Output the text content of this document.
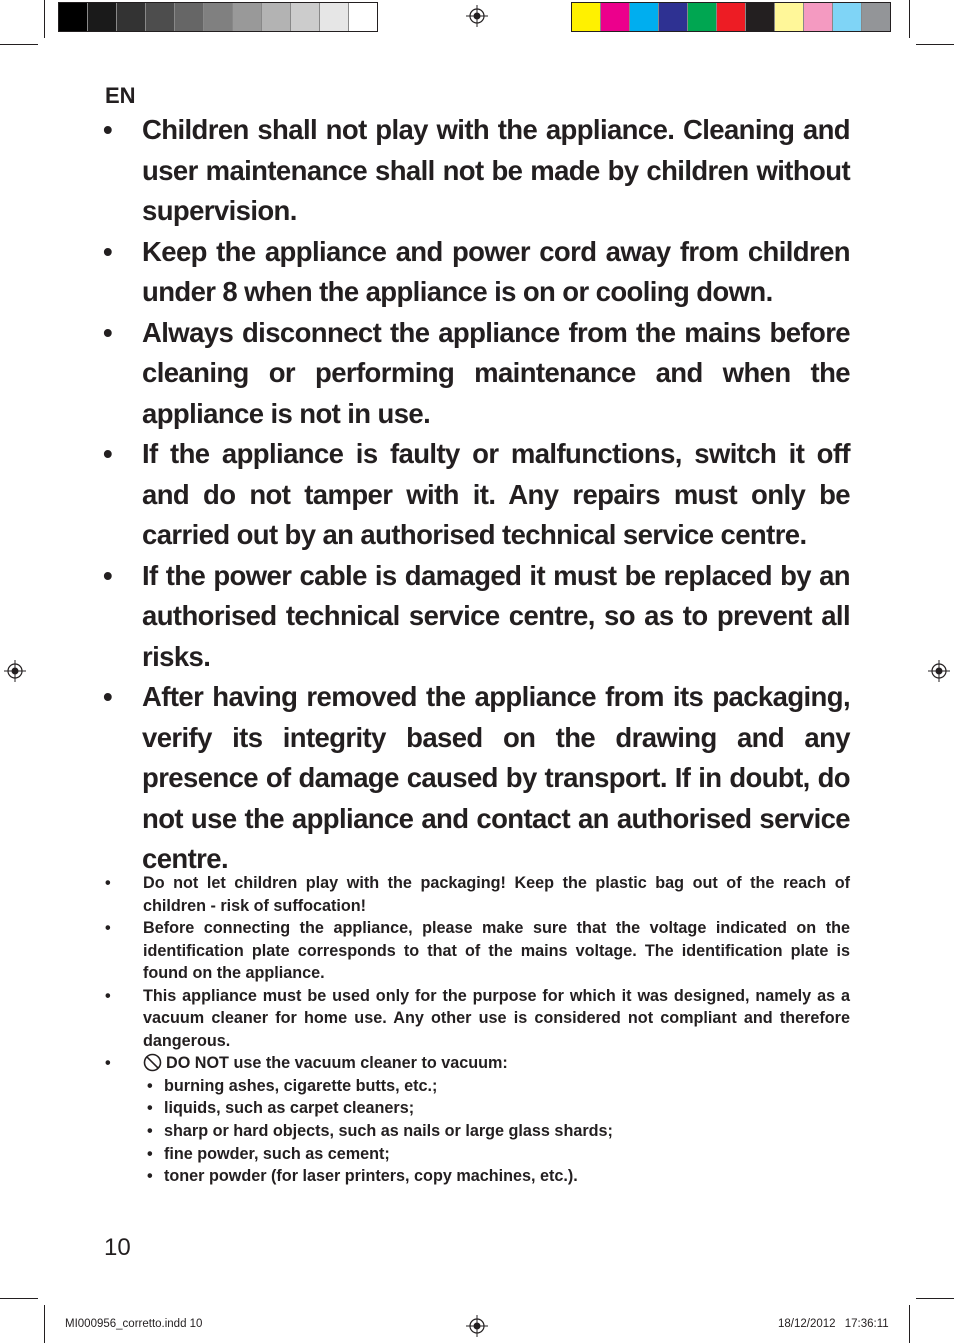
EN
• Children shall not play with the appliance. Cleaning and user maintenance shall not be made by children without supervision.
• Keep the appliance and power cord away from children under 8 when the appliance is on or cooling down.
• Always disconnect the appliance from the mains before cleaning or performing maintenance and when the appliance is not in use.
• If the appliance is faulty or malfunctions, switch it off and do not tamper with it. Any repairs must only be carried out by an authorised technical service centre.
• If the power cable is damaged it must be replaced by an authorised technical service centre, so as to prevent all risks.
• After having removed the appliance from its packaging, verify its integrity based on the drawing and any presence of damage caused by transport. If in doubt, do not use the appliance and contact an authorised service centre.
• Do not let children play with the packaging! Keep the plastic bag out of the reach of children - risk of suffocation!
• Before connecting the appliance, please make sure that the voltage indicated on the identification plate corresponds to that of the mains voltage. The identification plate is found on the appliance.
• This appliance must be used only for the purpose for which it was designed, namely as a vacuum cleaner for home use. Any other use is considered not compliant and therefore dangerous.
•	DO NOT use the vacuum cleaner to vacuum:
• burning ashes, cigarette butts, etc.;
• liquids, such as carpet cleaners;
• sharp or hard objects, such as nails or large glass shards;
• fine powder, such as cement;
• toner powder (for laser printers, copy machines, etc.).
10
MI000956_corretto.indd 10	18/12/2012 17:36:11
